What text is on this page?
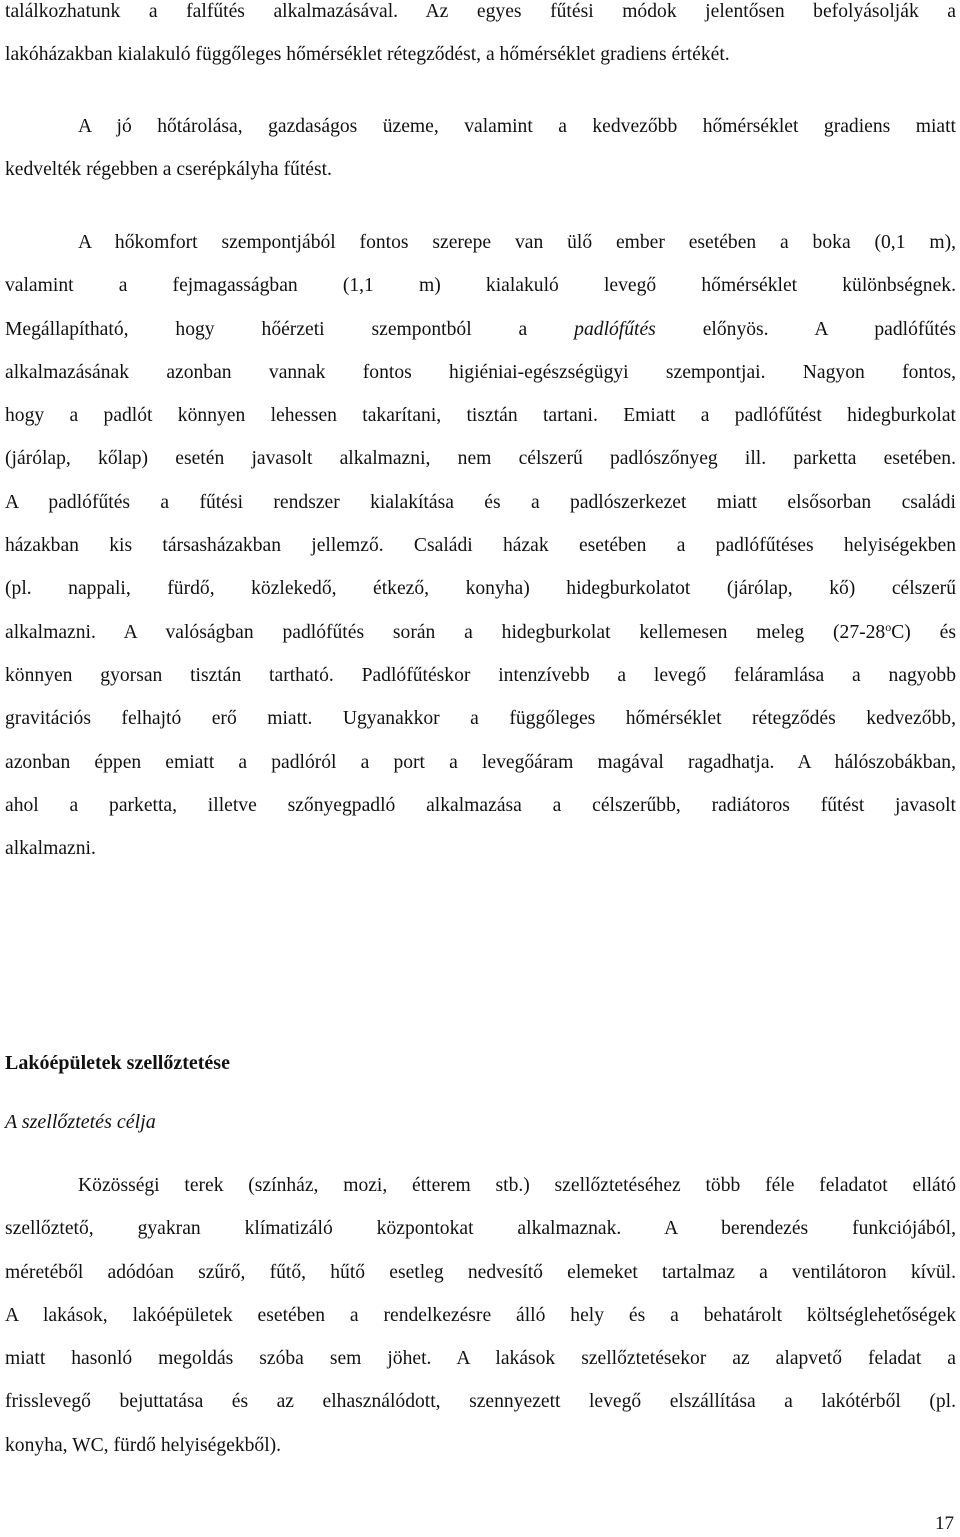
találkozhatunk a falfűtés alkalmazásával. Az egyes fűtési módok jelentősen befolyásolják a
lakóházakban kialakuló függőleges hőmérséklet rétegződést, a hőmérséklet gradiens értékét.
A jó hőtárolása, gazdaságos üzeme, valamint a kedvezőbb hőmérséklet gradiens miatt
kedvelték régebben a cserépkályha fűtést.
A hőkomfort szempontjából fontos szerepe van ülő ember esetében a boka (0,1 m),
valamint a fejmagasságban (1,1 m) kialakuló levegő hőmérséklet különbségnek.
Megállapítható, hogy hőérzeti szempontból a padlófűtés előnyös. A padlófűtés
alkalmazásának azonban vannak fontos higiéniai-egészségügyi szempontjai. Nagyon fontos,
hogy a padlót könnyen lehessen takarítani, tisztán tartani. Emiatt a padlófűtést hidegburkolat
(járólap, kőlap) esetén javasolt alkalmazni, nem célszerű padlószőnyeg ill. parketta esetében.
A padlófűtés a fűtési rendszer kialakítása és a padlószerkezet miatt elsősorban családi
házakban kis társasházakban jellemző. Családi házak esetében a padlófűtéses helyiségekben
(pl. nappali, fürdő, közlekedő, étkező, konyha) hidegburkolatot (járólap, kő) célszerű
alkalmazni. A valóságban padlófűtés során a hidegburkolat kellemesen meleg (27-28$^o$C) és
könnyen gyorsan tisztán tartható. Padlófűtéskor intenzívebb a levegő feláramlása a nagyobb
gravitációs felhajtó erő miatt. Ugyanakkor a függőleges hőmérséklet rétegződés kedvezőbb,
azonban éppen emiatt a padlóról a port a levegőáram magával ragadhatja. A hálószobákban,
ahol a parketta, illetve szőnyegpadló alkalmazása a célszerűbb, radiátoros fűtést javasolt
alkalmazni.
Lakóépületek szellőztetése
A szellőztetés célja
Közösségi terek (színház, mozi, étterem stb.) szellőztetéséhez több féle feladatot ellátó
szellőztető, gyakran klímatizáló központokat alkalmaznak. A berendezés funkciójából,
méretéből adódóan szűrő, fűtő, hűtő esetleg nedvesítő elemeket tartalmaz a ventilátoron kívül.
A lakások, lakóépületek esetében a rendelkezésre álló hely és a behatárolt költséglehetőségek
miatt hasonló megoldás szóba sem jöhet. A lakások szellőztetésekor az alapvető feladat a
frisslevegő bejuttatása és az elhasználódott, szennyezett levegő elszállítása a lakótérből (pl.
konyha, WC, fürdő helyiségekből).
17
